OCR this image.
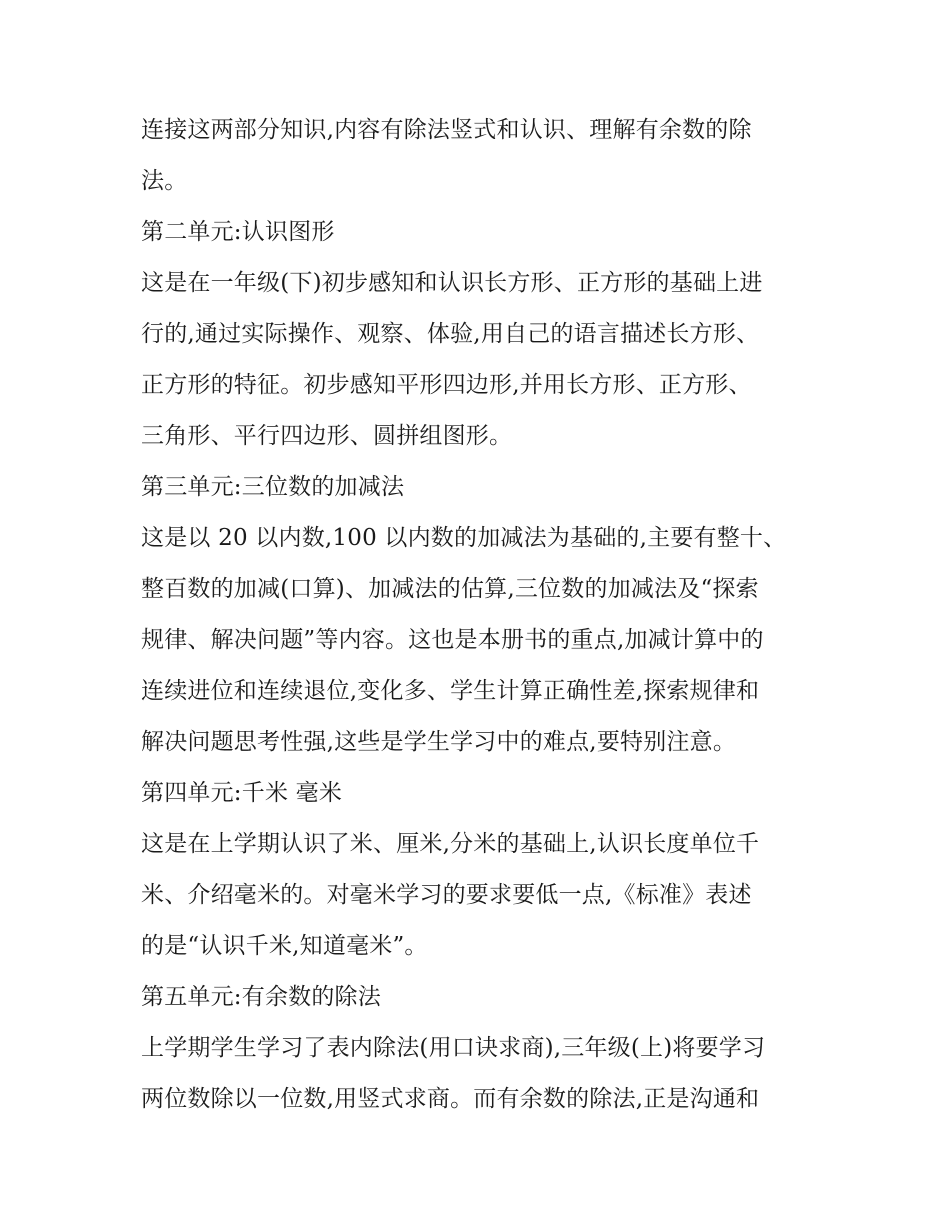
连接这两部分知识,内容有除法竖式和认识、理解有余数的除
法。
第二单元:认识图形
这是在一年级(下)初步感知和认识长方形、正方形的基础上进
行的,通过实际操作、观察、体验,用自己的语言描述长方形、
正方形的特征。初步感知平形四边形,并用长方形、正方形、
三角形、平行四边形、圆拼组图形。
第三单元:三位数的加减法
这是以 20 以内数,100 以内数的加减法为基础的,主要有整十、
整百数的加减(口算)、加减法的估算,三位数的加减法及“探索
规律、解决问题”等内容。这也是本册书的重点,加减计算中的
连续进位和连续退位,变化多、学生计算正确性差,探索规律和
解决问题思考性强,这些是学生学习中的难点,要特别注意。
第四单元:千米 毫米
这是在上学期认识了米、厘米,分米的基础上,认识长度单位千
米、介绍毫米的。对毫米学习的要求要低一点,《标准》表述
的是“认识千米,知道毫米”。
第五单元:有余数的除法
上学期学生学习了表内除法(用口诀求商),三年级(上)将要学习
两位数除以一位数,用竖式求商。而有余数的除法,正是沟通和
